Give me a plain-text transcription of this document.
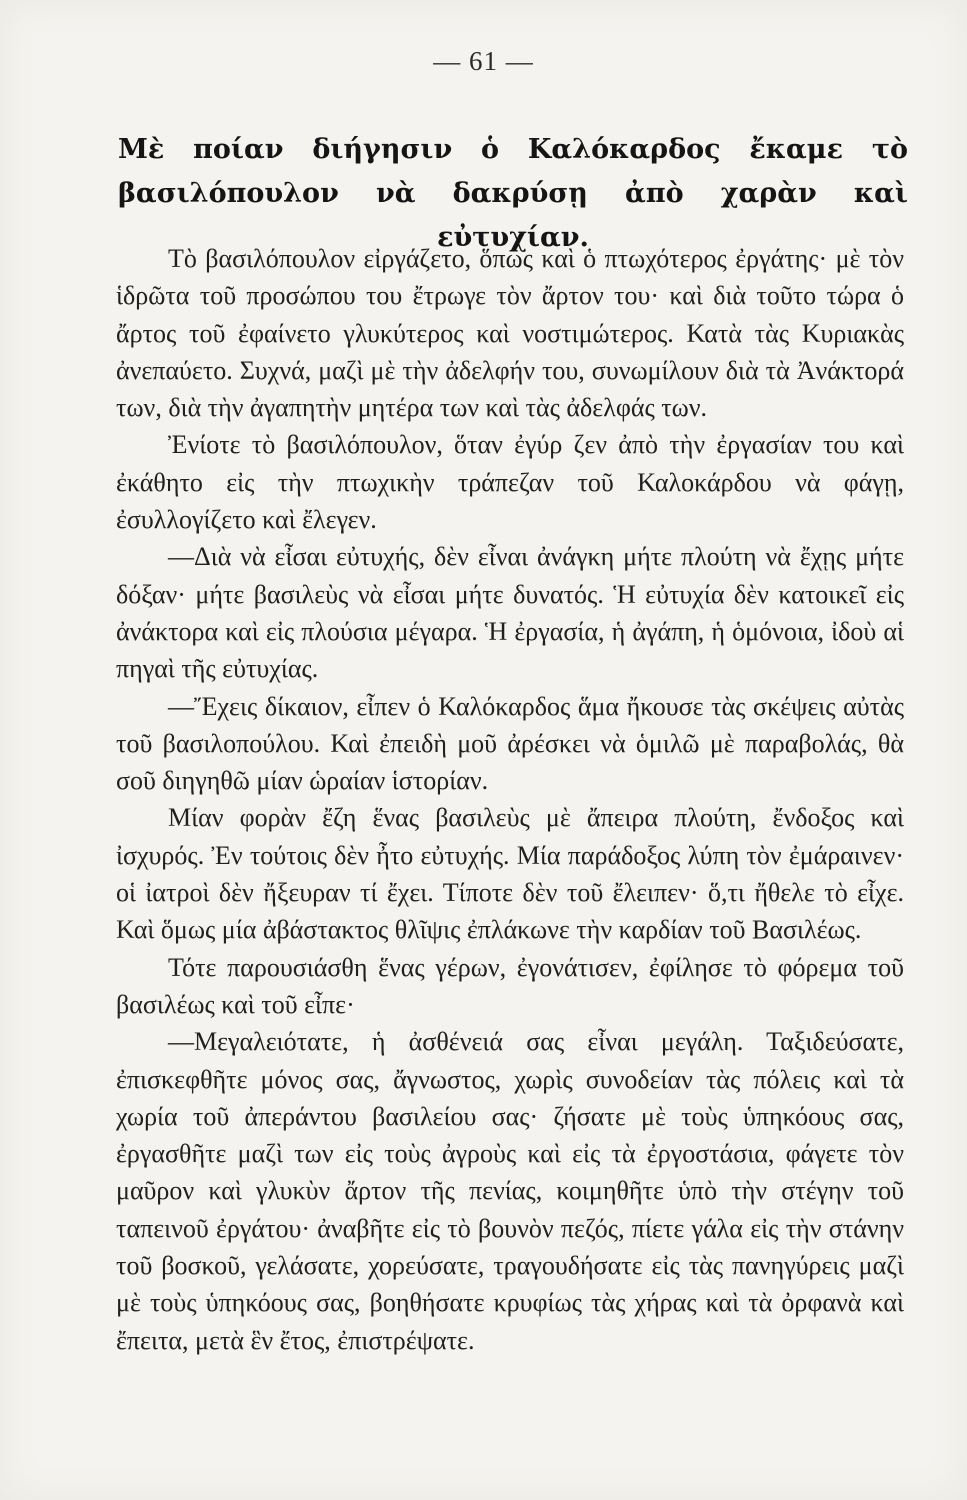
— 61 —
Μὲ ποίαν διήγησιν ὁ Καλόκαρδος ἔκαμε τὸ βασιλόπουλον νὰ δακρύσῃ ἀπὸ χαρὰν καὶ εὐτυχίαν.

Τὸ βασιλόπουλον εἰργάζετο, ὅπως καὶ ὁ πτωχότερος ἐργάτης· μὲ τὸν ἱδρῶτα τοῦ προσώπου του ἔτρωγε τὸν ἄρτον του· καὶ διὰ τοῦτο τώρα ὁ ἄρτος τοῦ ἐφαίνετο γλυκύτερος καὶ νοστιμώτερος. Κατὰ τὰς Κυριακὰς ἀνεπαύετο. Συχνά, μαζὶ μὲ τὴν ἀδελφήν του, συνωμίλουν διὰ τὰ Ἀνάκτορά των, διὰ τὴν ἀγαπητὴν μητέρα των καὶ τὰς ἀδελφάς των.

Ἐνίοτε τὸ βασιλόπουλον, ὅταν ἐγύρ ζεν ἀπὸ τὴν ἐργασίαν του καὶ ἐκάθητο εἰς τὴν πτωχικὴν τράπεζαν τοῦ Καλοκάρδου νὰ φάγῃ, ἐσυλλογίζετο καὶ ἔλεγεν.

—Διὰ νὰ εἶσαι εὐτυχής, δὲν εἶναι ἀνάγκη μήτε πλούτη νὰ ἔχῃς μήτε δόξαν· μήτε βασιλεὺς νὰ εἶσαι μήτε δυνατός. Ἡ εὐτυχία δὲν κατοικεῖ εἰς ἀνάκτορα καὶ εἰς πλούσια μέγαρα. Ἡ ἐργασία, ἡ ἀγάπη, ἡ ὁμόνοια, ἰδοὺ αἱ πηγαὶ τῆς εὐτυχίας.

—Ἔχεις δίκαιον, εἶπεν ὁ Καλόκαρδος ἅμα ἤκουσε τὰς σκέψεις αὐτὰς τοῦ βασιλοπούλου. Καὶ ἐπειδὴ μοῦ ἀρέσκει νὰ ὁμιλῶ μὲ παραβολάς, θὰ σοῦ διηγηθῶ μίαν ὡραίαν ἱστορίαν.

Μίαν φορὰν ἔζη ἕνας βασιλεὺς μὲ ἄπειρα πλούτη, ἔνδοξος καὶ ἰσχυρός. Ἐν τούτοις δὲν ἦτο εὐτυχής. Μία παράδοξος λύπη τὸν ἐμάραινεν· οἱ ἰατροὶ δὲν ἤξευραν τί ἔχει. Τίποτε δὲν τοῦ ἔλειπεν· ὅ,τι ἤθελε τὸ εἶχε. Καὶ ὅμως μία ἀβάστακτος θλῖψις ἐπλάκωνε τὴν καρδίαν τοῦ Βασιλέως.

Τότε παρουσιάσθη ἕνας γέρων, ἐγονάτισεν, ἐφίλησε τὸ φόρεμα τοῦ βασιλέως καὶ τοῦ εἶπε·

—Μεγαλειότατε, ἡ ἀσθένειά σας εἶναι μεγάλη. Ταξιδεύσατε, ἐπισκεφθῆτε μόνος σας, ἄγνωστος, χωρὶς συνοδείαν τὰς πόλεις καὶ τὰ χωρία τοῦ ἀπεράντου βασιλείου σας· ζήσατε μὲ τοὺς ὑπηκόους σας, ἐργασθῆτε μαζὶ των εἰς τοὺς ἀγροὺς καὶ εἰς τὰ ἐργοστάσια, φάγετε τὸν μαῦρον καὶ γλυκὺν ἄρτον τῆς πενίας, κοιμηθῆτε ὑπὸ τὴν στέγην τοῦ ταπεινοῦ ἐργάτου· ἀναβῆτε εἰς τὸ βουνὸν πεζός, πίετε γάλα εἰς τὴν στάνην τοῦ βοσκοῦ, γελάσατε, χορεύσατε, τραγουδήσατε εἰς τὰς πανηγύρεις μαζὶ μὲ τοὺς ὑπηκόους σας, βοηθήσατε κρυφίως τὰς χήρας καὶ τὰ ὀρφανὰ καὶ ἔπειτα, μετὰ ἓν ἔτος, ἐπιστρέψατε.
